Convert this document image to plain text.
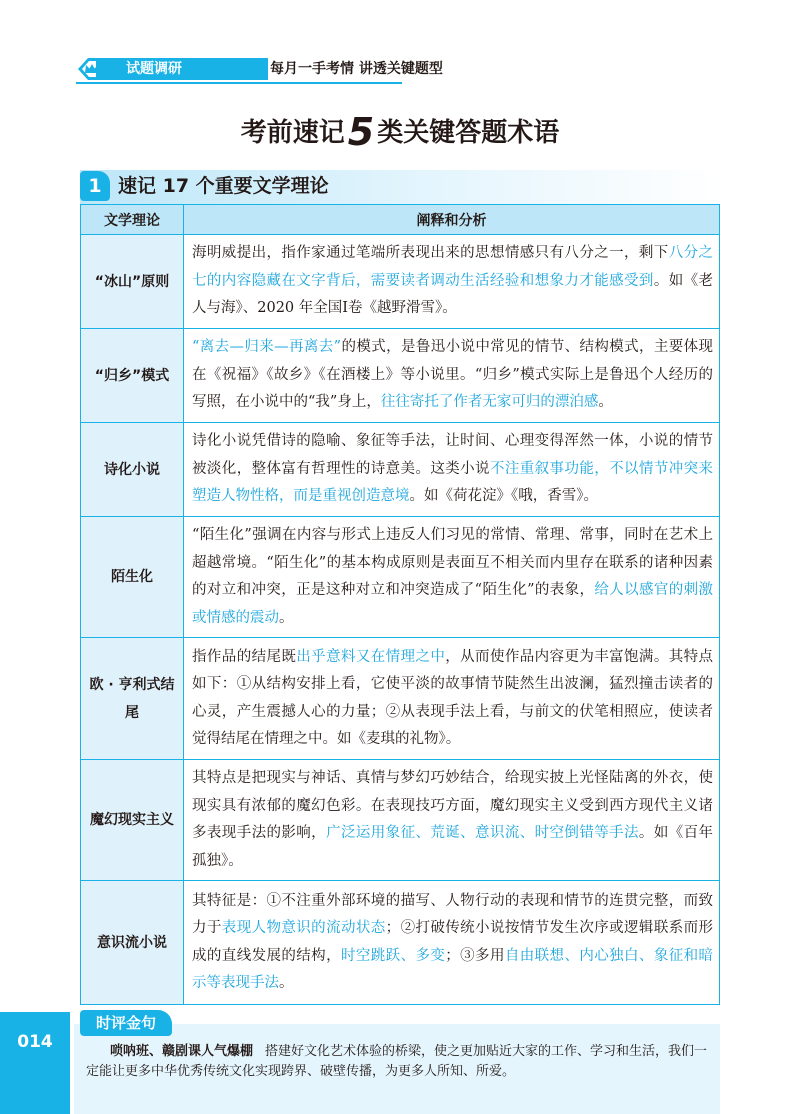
试题调研	每月一手考情 讲透关键题型
考前速记5 类关键答题术语
1 速记 17 个重要文学理论
文学理论	阐释和分析
“冰山”原则	海明威提出，指作家通过笔端所表现出来的思想情感只有八分之一，剩下八分之七的内容隐藏在文字背后，需要读者调动生活经验和想象力才能感受到。如《老人与海》、2020 年全国Ⅰ卷《越野滑雪》。
“归乡”模式	“离去—归来—再离去”的模式，是鲁迅小说中常见的情节、结构模式，主要体现在《祝福》《故乡》《在酒楼上》等小说里。“归乡”模式实际上是鲁迅个人经历的写照，在小说中的“我”身上，往往寄托了作者无家可归的漂泊感。
诗化小说	诗化小说凭借诗的隐喻、象征等手法，让时间、心理变得浑然一体，小说的情节被淡化，整体富有哲理性的诗意美。这类小说不注重叙事功能，不以情节冲突来塑造人物性格，而是重视创造意境。如《荷花淀》《哦，香雪》。
陌生化	“陌生化”强调在内容与形式上违反人们习见的常情、常理、常事，同时在艺术上超越常境。“陌生化”的基本构成原则是表面互不相关而内里存在联系的诸种因素的对立和冲突，正是这种对立和冲突造成了“陌生化”的表象，给人以感官的刺激或情感的震动。
欧 · 亨利式结尾	指作品的结尾既出乎意料又在情理之中，从而使作品内容更为丰富饱满。其特点如下：①从结构安排上看，它使平淡的故事情节陡然生出波澜，猛烈撞击读者的心灵，产生震撼人心的力量；②从表现手法上看，与前文的伏笔相照应，使读者觉得结尾在情理之中。如《麦琪的礼物》。
魔幻现实主义	其特点是把现实与神话、真情与梦幻巧妙结合，给现实披上光怪陆离的外衣，使现实具有浓郁的魔幻色彩。在表现技巧方面，魔幻现实主义受到西方现代主义诸多表现手法的影响，广泛运用象征、荒诞、意识流、时空倒错等手法。如《百年孤独》。
意识流小说	其特征是：①不注重外部环境的描写、人物行动的表现和情节的连贯完整，而致力于表现人物意识的流动状态；②打破传统小说按情节发生次序或逻辑联系而形成的直线发展的结构，时空跳跃、多变；③多用自由联想、内心独白、象征和暗示等表现手法。
014
时评金句
唢呐班、赣剧课人气爆棚 搭建好文化艺术体验的桥梁，使之更加贴近大家的工作、学习和生活，我们一定能让更多中华优秀传统文化实现跨界、破壁传播，为更多人所知、所爱。
